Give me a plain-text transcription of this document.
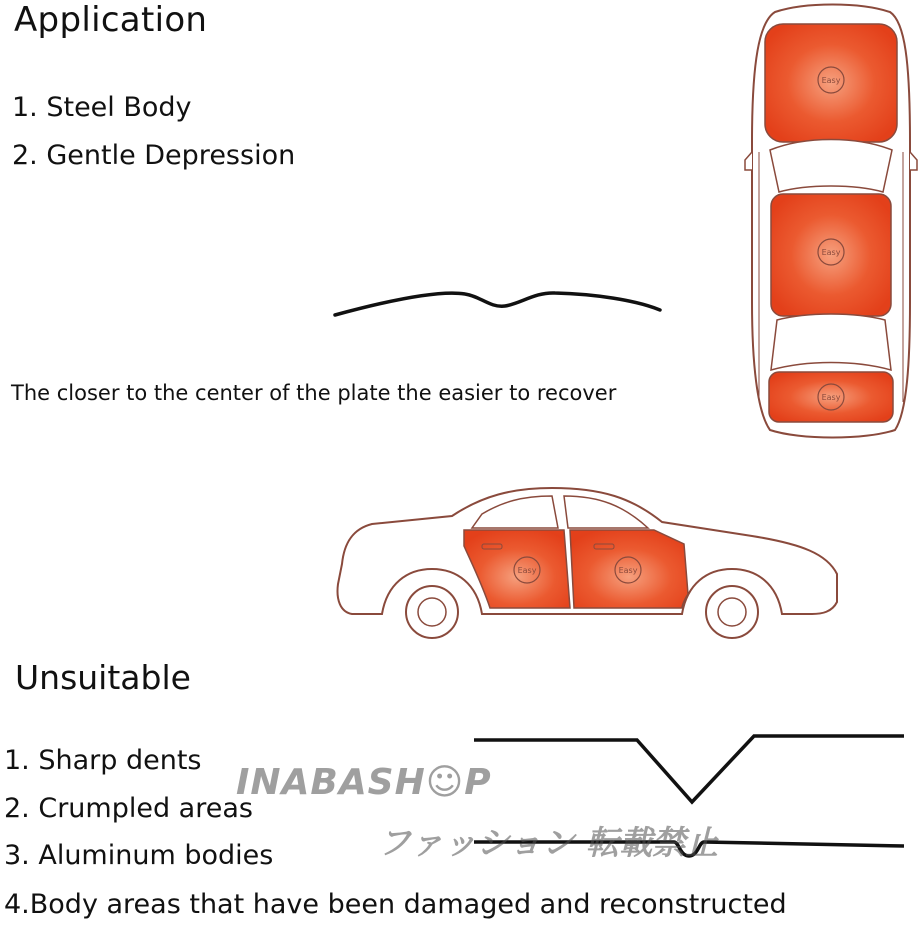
Application
1. Steel Body
2. Gentle Depression
The closer to the center of the plate the easier to recover
Easy
Easy
Easy
Easy	Easy
Unsuitable
1. Sharp dents
2. Crumpled areas
3. Aluminum bodies
4.Body areas that have been damaged and reconstructed
INABASH☺P
ファッション 転載禁止
